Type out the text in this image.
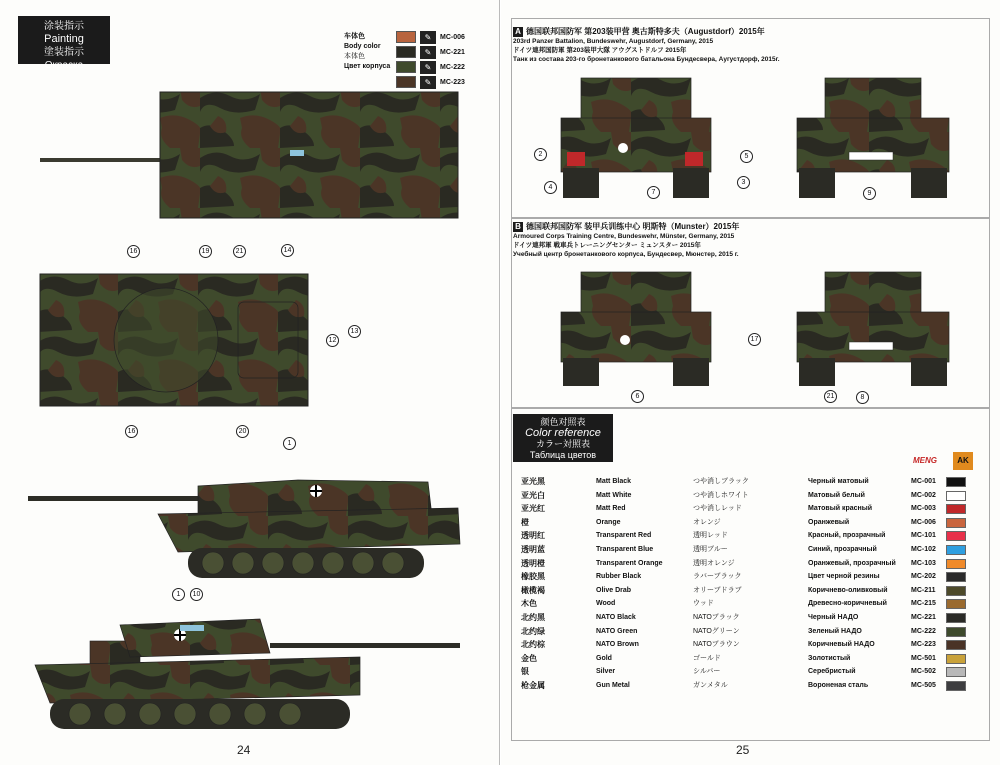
涂装指示
Painting
塗装指示
Окраска
车体色
Body color
本体色
Цвет корпуса
✎	MC-006
✎	MC-221
✎	MC-222
✎	MC-223
16	19	21	14
13
12
16	20
1
1	10
24
A 德国联邦国防军 第203装甲营 奥古斯特多夫（Augustdorf）2015年
203rd Panzer Battalion, Bundeswehr, Augustdorf, Germany, 2015
ドイツ連邦国防軍 第203装甲大隊 アウグストドルフ 2015年
Танк из состава 203-го бронетанкового батальона Бундесвера, Аугустдорф, 2015г.
2
4
7
5
3
9
B 德国联邦国防军 装甲兵训练中心 明斯特（Munster）2015年
Armoured Corps Training Centre, Bundeswehr, Münster, Germany, 2015
ドイツ連邦軍 戦車兵トレーニングセンター ミュンスター 2015年
Учебный центр бронетанкового корпуса, Бундесвер, Мюнстер, 2015 г.
6
17
21	8
颜色对照表
Color reference
カラー対照表
Таблица цветов
MENG	AK
亚光黑	Matt Black	つや消しブラック	Черный матовый	MC-001
亚光白	Matt White	つや消しホワイト	Матовый белый	MC-002
亚光红	Matt Red	つや消しレッド	Матовый красный	MC-003
橙	Orange	オレンジ	Оранжевый	MC-006
透明红	Transparent Red	透明レッド	Красный, прозрачный	MC-101
透明蓝	Transparent Blue	透明ブルー	Синий, прозрачный	MC-102
透明橙	Transparent Orange	透明オレンジ	Оранжевый, прозрачный MC-103
橡胶黑	Rubber Black	ラバーブラック	Цвет черной резины	MC-202
橄榄褐	Olive Drab	オリーブドラブ	Коричнево-оливковый	MC-211
木色	Wood	ウッド	Древесно-коричневый	MC-215
北约黑	NATO Black	NATOブラック	Черный НАДО	MC-221
北约绿	NATO Green	NATOグリーン	Зеленый НАДО	MC-222
北约棕	NATO Brown	NATOブラウン	Коричневый НАДО	MC-223
金色	Gold	ゴールド	Золотистый	MC-501
银	Silver	シルバー	Серебристый	MC-502
枪金属	Gun Metal	ガンメタル	Вороненая сталь	MC-505
25
